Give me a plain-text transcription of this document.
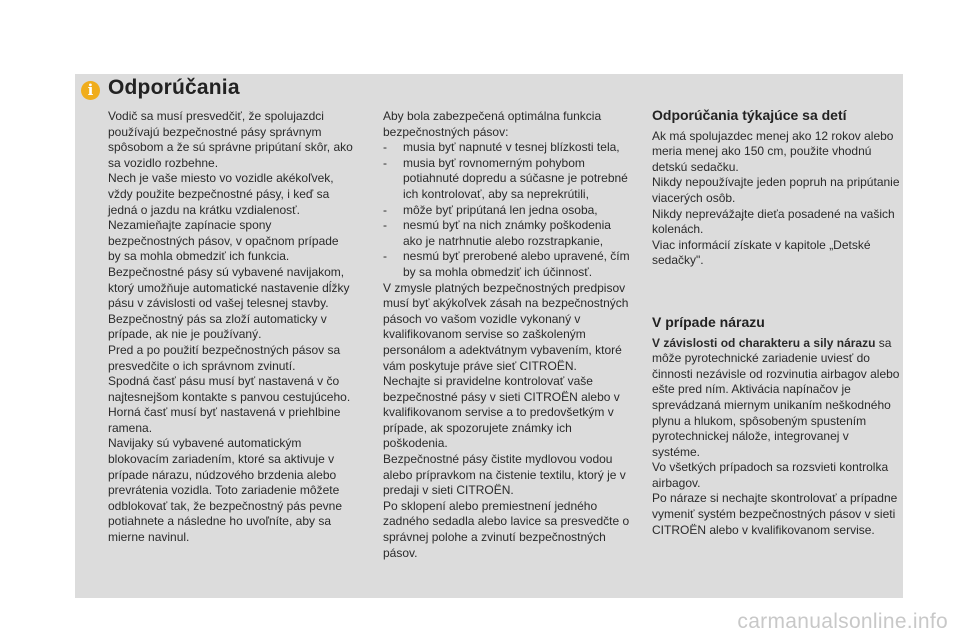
i Odporúčania

Vodič sa musí presvedčiť, že spolujazdci používajú bezpečnostné pásy správnym spôsobom a že sú správne pripútaní skôr, ako sa vozidlo rozbehne.

Nech je vaše miesto vo vozidle akékoľvek, vždy použite bezpečnostné pásy, i keď sa jedná o jazdu na krátku vzdialenosť.

Nezamieňajte zapínacie spony bezpečnostných pásov, v opačnom prípade by sa mohla obmedziť ich funkcia.

Bezpečnostné pásy sú vybavené navijakom, ktorý umožňuje automatické nastavenie dĺžky pásu v závislosti od vašej telesnej stavby.

Bezpečnostný pás sa zloží automaticky v prípade, ak nie je používaný.

Pred a po použití bezpečnostných pásov sa presvedčite o ich správnom zvinutí.

Spodná časť pásu musí byť nastavená v čo najtesnejšom kontakte s panvou cestujúceho.

Horná časť musí byť nastavená v priehlbine ramena.

Navijaky sú vybavené automatickým blokovacím zariadením, ktoré sa aktivuje v prípade nárazu, núdzového brzdenia alebo prevrátenia vozidla. Toto zariadenie môžete odblokovať tak, že bezpečnostný pás pevne potiahnete a následne ho uvoľníte, aby sa mierne navinul.

Aby bola zabezpečená optimálna funkcia bezpečnostných pásov:

-	musia byť napnuté v tesnej blízkosti tela,
-	musia byť rovnomerným pohybom potiahnuté dopredu a súčasne je potrebné ich kontrolovať, aby sa neprekrútili,
-	môže byť pripútaná len jedna osoba,
-	nesmú byť na nich známky poškodenia ako je natrhnutie alebo rozstrapkanie,
-	nesmú byť prerobené alebo upravené, čím by sa mohla obmedziť ich účinnosť.

V zmysle platných bezpečnostných predpisov musí byť akýkoľvek zásah na bezpečnostných pásoch vo vašom vozidle vykonaný v kvalifikovanom servise so zaškoleným personálom a adektvátnym vybavením, ktoré vám poskytuje práve sieť CITROËN.

Nechajte si pravidelne kontrolovať vaše bezpečnostné pásy v sieti CITROËN alebo v kvalifikovanom servise a to predovšetkým v prípade, ak spozorujete známky ich poškodenia.

Bezpečnostné pásy čistite mydlovou vodou alebo prípravkom na čistenie textilu, ktorý je v predaji v sieti CITROËN.

Po sklopení alebo premiestnení jedného zadného sedadla alebo lavice sa presvedčte o správnej polohe a zvinutí bezpečnostných pásov.

Odporúčania týkajúce sa detí

Ak má spolujazdec menej ako 12 rokov alebo meria menej ako 150 cm, použite vhodnú detskú sedačku.

Nikdy nepoužívajte jeden popruh na pripútanie viacerých osôb.

Nikdy neprevážajte dieťa posadené na vašich kolenách.

Viac informácií získate v kapitole „Detské sedačky".

V prípade nárazu

V závislosti od charakteru a sily nárazu sa môže pyrotechnické zariadenie uviesť do činnosti nezávisle od rozvinutia airbagov alebo ešte pred ním. Aktivácia napínačov je sprevádzaná miernym unikaním neškodného plynu a hlukom, spôsobeným spustením pyrotechnickej nálože, integrovanej v systéme.

Vo všetkých prípadoch sa rozsvieti kontrolka airbagov.

Po náraze si nechajte skontrolovať a prípadne vymeniť systém bezpečnostných pásov v sieti CITROËN alebo v kvalifikovanom servise.

carmanualsonline.info
